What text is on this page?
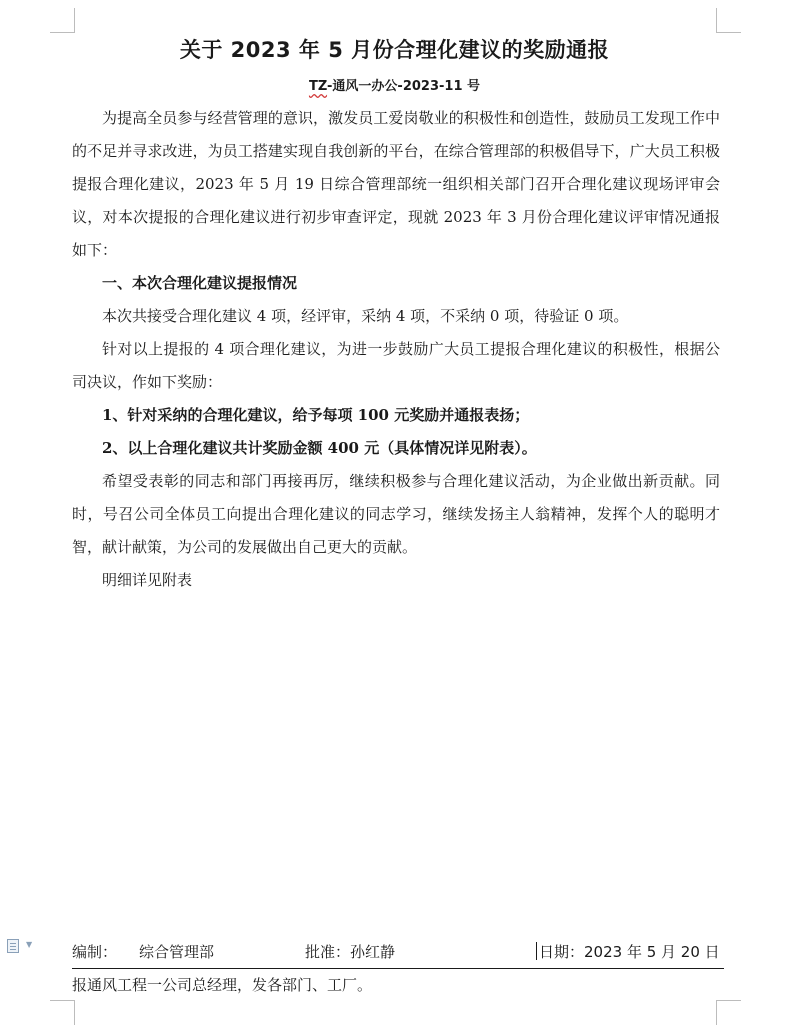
关于 2023 年 5 月份合理化建议的奖励通报
TZ-通风一办公-2023-11 号

为提高全员参与经营管理的意识，激发员工爱岗敬业的积极性和创造性，鼓励员工发现工作中的不足并寻求改进，为员工搭建实现自我创新的平台，在综合管理部的积极倡导下，广大员工积极提报合理化建议，2023 年 5 月 19 日综合管理部统一组织相关部门召开合理化建议现场评审会议，对本次提报的合理化建议进行初步审查评定，现就 2023 年 3 月份合理化建议评审情况通报如下：

一、本次合理化建议提报情况

本次共接受合理化建议 4 项，经评审，采纳 4 项，不采纳 0 项，待验证 0 项。

针对以上提报的 4 项合理化建议，为进一步鼓励广大员工提报合理化建议的积极性，根据公司决议，作如下奖励：

1、针对采纳的合理化建议，给予每项 100 元奖励并通报表扬；

2、以上合理化建议共计奖励金额 400 元（具体情况详见附表）。

希望受表彰的同志和部门再接再厉，继续积极参与合理化建议活动，为企业做出新贡献。同时，号召公司全体员工向提出合理化建议的同志学习，继续发扬主人翁精神，发挥个人的聪明才智，献计献策，为公司的发展做出自己更大的贡献。

明细详见附表

▼	编制： 综合管理部	批准：孙红静	日期：2023 年 5 月 20 日
报通风工程一公司总经理，发各部门、工厂。
